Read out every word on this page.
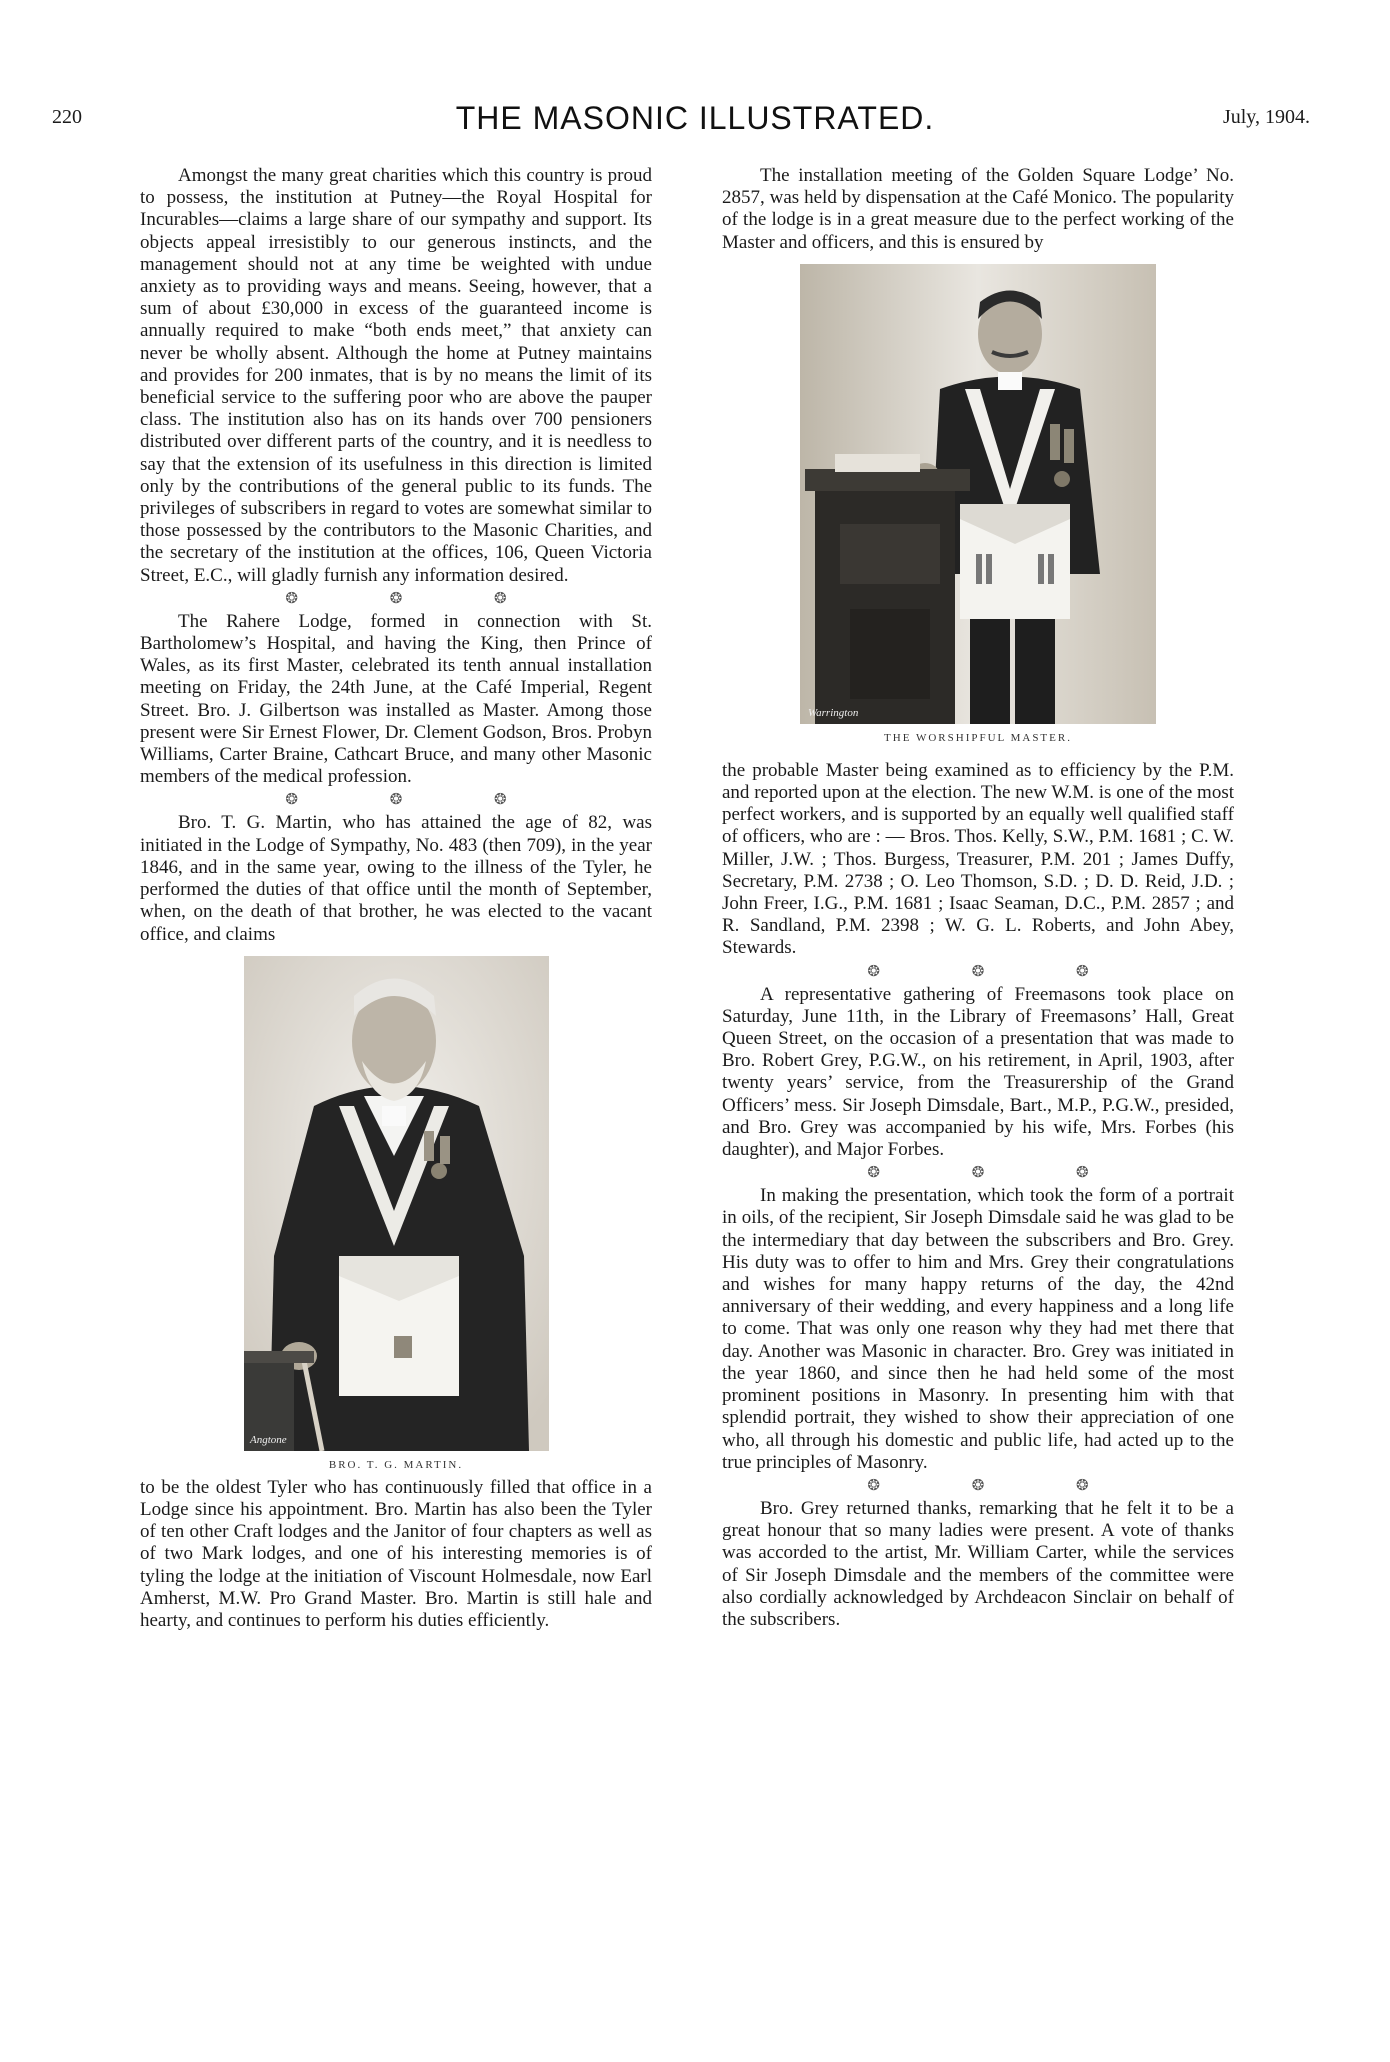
220	THE MASONIC ILLUSTRATED.	July, 1904.

Amongst the many great charities which this country is proud to possess, the institution at Putney—the Royal Hospital for Incurables—claims a large share of our sympathy and support. Its objects appeal irresistibly to our generous instincts, and the management should not at any time be weighted with undue anxiety as to providing ways and means. Seeing, however, that a sum of about £30,000 in excess of the guaranteed income is annually required to make “both ends meet,” that anxiety can never be wholly absent. Although the home at Putney maintains and provides for 200 inmates, that is by no means the limit of its beneficial service to the suffering poor who are above the pauper class. The institution also has on its hands over 700 pensioners distributed over different parts of the country, and it is needless to say that the extension of its usefulness in this direction is limited only by the contributions of the general public to its funds. The privileges of subscribers in regard to votes are somewhat similar to those possessed by the contributors to the Masonic Charities, and the secretary of the institution at the offices, 106, Queen Victoria Street, E.C., will gladly furnish any information desired.

❂ ❂ ❂

The Rahere Lodge, formed in connection with St. Bartholomew’s Hospital, and having the King, then Prince of Wales, as its first Master, celebrated its tenth annual installation meeting on Friday, the 24th June, at the Café Imperial, Regent Street. Bro. J. Gilbertson was installed as Master. Among those present were Sir Ernest Flower, Dr. Clement Godson, Bros. Probyn Williams, Carter Braine, Cathcart Bruce, and many other Masonic members of the medical profession.

❂ ❂ ❂

Bro. T. G. Martin, who has attained the age of 82, was initiated in the Lodge of Sympathy, No. 483 (then 709), in the year 1846, and in the same year, owing to the illness of the Tyler, he performed the duties of that office until the month of September, when, on the death of that brother, he was elected to the vacant office, and claims

Angtone
BRO. T. G. MARTIN.

to be the oldest Tyler who has continuously filled that office in a Lodge since his appointment. Bro. Martin has also been the Tyler of ten other Craft lodges and the Janitor of four chapters as well as of two Mark lodges, and one of his interesting memories is of tyling the lodge at the initiation of Viscount Holmesdale, now Earl Amherst, M.W. Pro Grand Master. Bro. Martin is still hale and hearty, and continues to perform his duties efficiently.

The installation meeting of the Golden Square Lodge’ No. 2857, was held by dispensation at the Café Monico. The popularity of the lodge is in a great measure due to the perfect working of the Master and officers, and this is ensured by

Warrington
THE WORSHIPFUL MASTER.

the probable Master being examined as to efficiency by the P.M. and reported upon at the election. The new W.M. is one of the most perfect workers, and is supported by an equally well qualified staff of officers, who are : — Bros. Thos. Kelly, S.W., P.M. 1681 ; C. W. Miller, J.W. ; Thos. Burgess, Treasurer, P.M. 201 ; James Duffy, Secretary, P.M. 2738 ; O. Leo Thomson, S.D. ; D. D. Reid, J.D. ; John Freer, I.G., P.M. 1681 ; Isaac Seaman, D.C., P.M. 2857 ; and R. Sandland, P.M. 2398 ; W. G. L. Roberts, and John Abey, Stewards.

❂ ❂ ❂

A representative gathering of Freemasons took place on Saturday, June 11th, in the Library of Freemasons’ Hall, Great Queen Street, on the occasion of a presentation that was made to Bro. Robert Grey, P.G.W., on his retirement, in April, 1903, after twenty years’ service, from the Treasurership of the Grand Officers’ mess. Sir Joseph Dimsdale, Bart., M.P., P.G.W., presided, and Bro. Grey was accompanied by his wife, Mrs. Forbes (his daughter), and Major Forbes.

❂ ❂ ❂

In making the presentation, which took the form of a portrait in oils, of the recipient, Sir Joseph Dimsdale said he was glad to be the intermediary that day between the subscribers and Bro. Grey. His duty was to offer to him and Mrs. Grey their congratulations and wishes for many happy returns of the day, the 42nd anniversary of their wedding, and every happiness and a long life to come. That was only one reason why they had met there that day. Another was Masonic in character. Bro. Grey was initiated in the year 1860, and since then he had held some of the most prominent positions in Masonry. In presenting him with that splendid portrait, they wished to show their appreciation of one who, all through his domestic and public life, had acted up to the true principles of Masonry.

❂ ❂ ❂

Bro. Grey returned thanks, remarking that he felt it to be a great honour that so many ladies were present. A vote of thanks was accorded to the artist, Mr. William Carter, while the services of Sir Joseph Dimsdale and the members of the committee were also cordially acknowledged by Archdeacon Sinclair on behalf of the subscribers.
